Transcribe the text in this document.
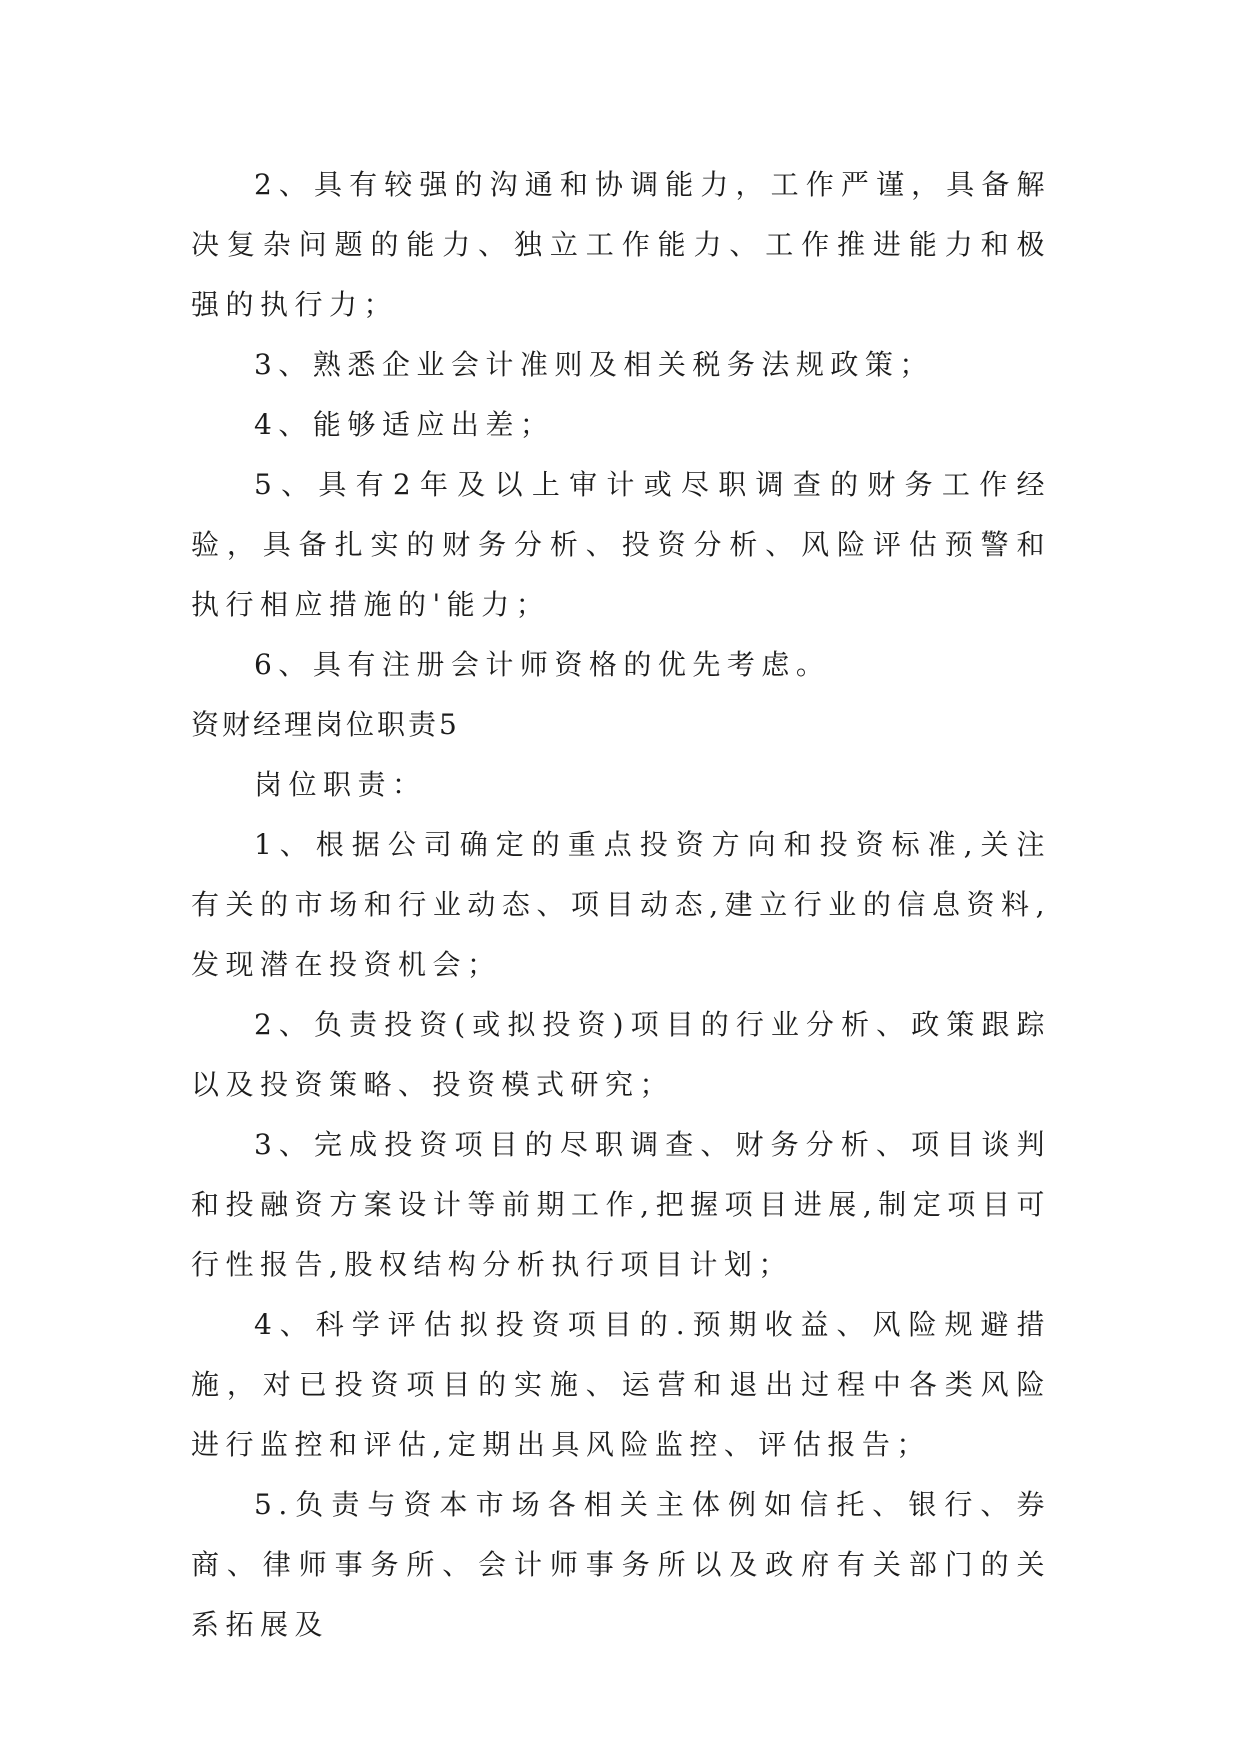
2、具有较强的沟通和协调能力，工作严谨，具备解决复杂问题的能力、独立工作能力、工作推进能力和极强的执行力；

3、熟悉企业会计准则及相关税务法规政策；

4、能够适应出差；

5、具有2年及以上审计或尽职调查的财务工作经验，具备扎实的财务分析、投资分析、风险评估预警和执行相应措施的'能力；

6、具有注册会计师资格的优先考虑。

资财经理岗位职责5

岗位职责：

1、根据公司确定的重点投资方向和投资标准,关注有关的市场和行业动态、项目动态,建立行业的信息资料,发现潜在投资机会；

2、负责投资(或拟投资)项目的行业分析、政策跟踪以及投资策略、投资模式研究；

3、完成投资项目的尽职调查、财务分析、项目谈判和投融资方案设计等前期工作,把握项目进展,制定项目可行性报告,股权结构分析执行项目计划；

4、科学评估拟投资项目的.预期收益、风险规避措施，对已投资项目的实施、运营和退出过程中各类风险进行监控和评估,定期出具风险监控、评估报告；

5.负责与资本市场各相关主体例如信托、银行、券商、律师事务所、会计师事务所以及政府有关部门的关系拓展及
